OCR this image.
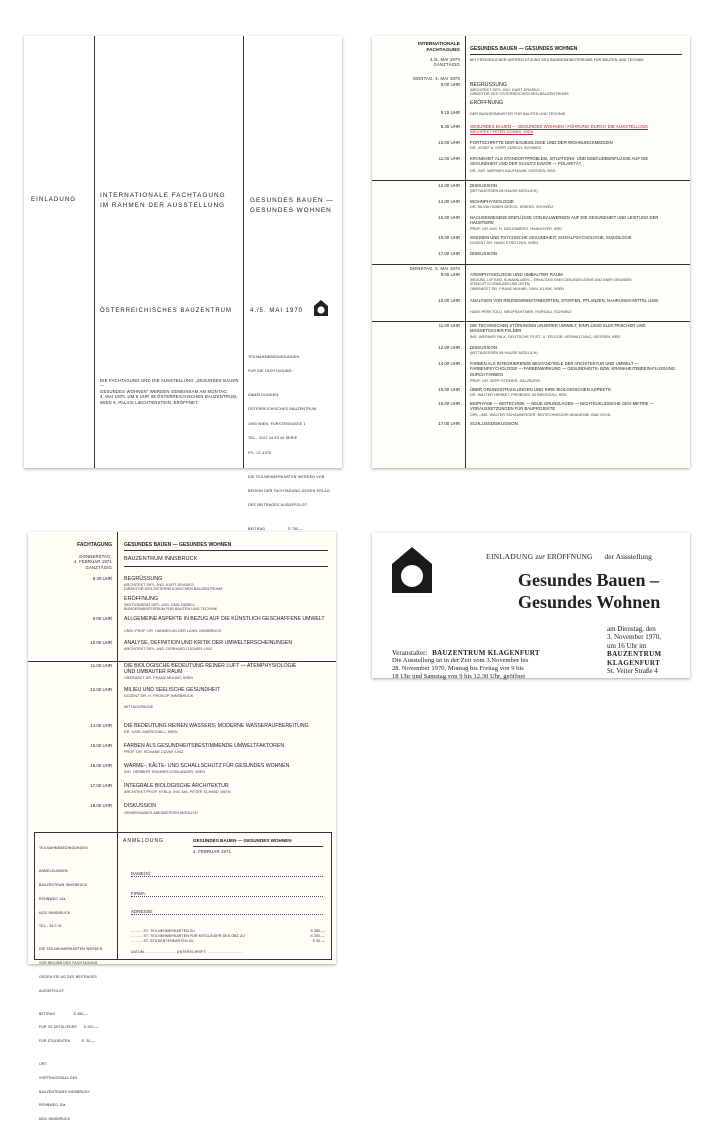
EINLADUNG
INTERNATIONALE FACHTAGUNG
IM RAHMEN DER AUSSTELLUNG
GESUNDES BAUEN —
GESUNDES WOHNEN
ÖSTERREICHISCHES BAUZENTRUM	4./5. MAI 1970
DIE FACHTAGUNG UND DIE AUSSTELLUNG „GESUNDES BAUEN —
GESUNDES WOHNEN" WERDEN GEMEINSAM AM MONTAG,
4. MAI 1970, UM 9 UHR IM ÖSTERREICHISCHEN BAUZENTRUM,
WIEN 9, PALAIS LIECHTENSTEIN, ERÖFFNET.

TEILNAHMEBEDINGUNGEN

FÜR DIE FACHTAGUNG:

ANMELDUNGEN:

ÖSTERREICHISCHES BAUZENTRUM

1090 WIEN, FÜRSTENGASSE 1

TEL.: 0222 34 83 44 SERIE

FS.: 07-4376

DIE TEILNEHMERKARTEN WERDEN VOR

BEGINN DER FACHTAGUNG GEGEN ERLAG

DES BEITRAGES AUSGEFOLGT.

BEITRAG                   S 750,—

INTERNATIONALE
FACHTAGUNG GESUNDES BAUEN — GESUNDES WOHNEN
4./5. MAI 1970
GANZTÄGIG
MIT FREUNDLICHER UNTERSTÜTZUNG DES BUNDESMINISTERIUMS FÜR BAUTEN UND TECHNIK
MONTAG, 4. MAI 1970
9.00 UHR BEGRÜSSUNG
ARCHITEKT DIPL.-ING. KURT JIRASKO
DIREKTOR DES ÖSTERREICHISCHEN BAUZENTRUMS
ERÖFFNUNG
9.15 UHR	DER BUNDESMINISTER FÜR BAUTEN UND TECHNIK
9.30 UHR GESUNDES BAUEN — GESUNDES WOHNEN / FÜHRUNG DURCH DIE AUSSTELLUNG
ARCHITEKT PETER SCHMID, WIEN
10.00 UHR FORTSCHRITTE DER BAUBIOLOGIE UND DER WOHNUNGSMEDIZIN
DR. JOSEF A. KÖPP, ZÜRICH, SCHWEIZ
11.00 UHR KRANKHEIT ALS STANDORTPROBLEM, SITUATIONS- UND GEBÄUDEEINFLÜSSE AUF DIE GESUNDHEIT UND DER SCHUTZ DAVOR — POLARITÄT
DR. JUR. WERNER KAUFMANN, GIESSEN, BRD
12.00 UHR DISKUSSION
(MITTAGESSEN IM HAUSE MÖGLICH)
14.00 UHR WOHNPHYSIOLOGIE
DR. SILVIA HUBER-DEECK, KRIENS, SCHWEIZ
15.00 UHR NACHGEWIESENE EINFLÜSSE VON BAUWERKEN AUF DIE GESUNDHEIT UND LEISTUNG DER HAUSTIERE
PROF. DR.-ING. H. DIELENBERG, HANNOVER, BRD
16.00 UHR WOHNEN UND PSYCHISCHE GESUNDHEIT, SOZIALPSYCHOLOGIE, SOZIOLOGIE
DOZENT DR. HANS STROTZKA, WIEN
17.00 UHR DISKUSSION
DIENSTAG, 5. MAI 1970
9.00 UHR ATEMPHYSIOLOGIE UND UMBAUTER RAUM
(HEIZUNG, LÜFTUNG, KLIMAANLAGEN — ERHALTUNG EINES GESUNDEN ATEMS UND EINER GESUNDEN
ATEMLUFT IN GEBÄUDEN UND ORTEN)
OBERARZT DR. FRANZ MUHAR, UNIV.-KLINIK, WIEN
10.00 UHR ANALYSEN VON REIZGEWINNSTANDORTEN, STOFFEN, PFLANZEN, NAHRUNGS-MITTEL USW.
HANS PERKTOLD, NEUFRAHTMER, HORGAU, SCHWEIZ
11.00 UHR DIE TECHNISCHEN STÖRUNGEN UNSERER UMWELT, EINFLÜSSE ELEKTRISCHER UND MAGNETISCHER FELDER
ING. WERNER FALK, DEUTSCHE POST- U. TELEGR.-VERWALTUNG, GIESSEN, BRD
12.00 UHR DISKUSSION
(MITTAGESSEN IM HAUSE MÖGLICH)
14.00 UHR FARBEN ALS INTEGRIERENDE BESTANDTEILE DER ARCHITEKTUR UND UMWELT — FARBENPSYCHOLOGIE — FARBENWIRKUNG — GESUNDHEITS- BZW. KRANKHEITSBEEIN-FLUSSUNG DURCH FARBEN
PROF. DR. SEPP STEINER, SALZBURG
15.00 UHR ÜBER GRUNDSTRAHLUNGEN UND IHRE BIOLOGISCHEN ASPEKTE
DR. WALTER HERBST, FREIBURG IM BREISGAU, BRD
16.00 UHR BIOPHYSIK — BIOTECHNIK — NEUE GRUNDLAGEN — NICHTEUKLIDISCHE GEO-METRIE — VORAUSSETZUNGEN FÜR BAUPROJEKTE
DIPL.-ING. WALTER SCHAUBERGER, BIOTECHNISCHE AKADEMIE, BAD ISCHL
17.00 UHR SCHLUSSDISKUSSION
FACHTAGUNG GESUNDES BAUEN — GESUNDES WOHNEN
DONNERSTAG,
4. FEBRUAR 1971
GANZTÄGIG
BAUZENTRUM INNSBRUCK
8.30 UHR BEGRÜSSUNG
ARCHITEKT DIPL.-ING. KURT JIRASKO
DIREKTOR DES ÖSTERREICHISCHEN BAUZENTRUMS
ERÖFFNUNG
SEKTIONSRAT DIPL.-ING. EMIL DÜBELL
BUNDESMINISTERIUM FÜR BAUTEN UND TECHNIK
9.00 UHR ALLGEMEINE ASPEKTE IN BEZUG AUF DIE KÜNSTLICH GESCHAFFENE UMWELT
UNIV.-PROF. DR. HANNES AN DER LAHN, INNSBRUCK
10.00 UHR ANALYSE, DEFINITION UND KRITIK DER UMWELTERSCHEINUNGEN
ARCHITEKT DIPL.-ING. GERHARD LUGNER, LINZ
11.00 UHR DIE BIOLOGISCHE BEDEUTUNG REINER LUFT — ATEMPHYSIOLOGIE UND UMBAUTER RAUM
OBERARZT DR. FRANZ MUHAR, WIEN
12.00 UHR MILIEU UND SEELISCHE GESUNDHEIT
DOZENT DR. H. PROKOP, INNSBRUCK
MITTAGSPAUSE
14.00 UHR DIE BEDEUTUNG REINEN WASSERS, MODERNE WASSERAUFBEREITUNG
DR. KARL MARSCHALL, WIEN
15.00 UHR FARBEN ALS GESUNDHEITSBESTIMMENDE UMWELTFAKTOREN
PROF. DR. ROXANE CUVAY, LINZ
16.00 UHR WÄRME-, KÄLTE- UND SCHALLSCHUTZ FÜR GESUNDES WOHNEN
ING. HERBERT KRAMER-DOBLANDER, WIEN
17.00 UHR INTEGRALE BIOLOGISCHE ARCHITEKTUR
ARCHITEKT PROF. HTBLA. ING. MA. PETER SCHMID, WIEN
18.00 UHR DISKUSSION
GEMEINSAMES ABENDESSEN MÖGLICH

TEILNAHMEBEDINGUNGEN:

ANMELDUNGEN:

BAUZENTRUM INNSBRUCK

RENNWEG 10a

6020 INNSBRUCK

TEL.: 26 0 31

DIE TEILNEHMERKARTEN WERDEN

VOR BEGINN DER FACHTAGUNG

GEGEN ERLAG DES BEITRAGES

AUSGEFOLGT.

BEITRAG                S 380,—

FÜR ÖZ-MITGLIEDER      S 200,—

FÜR STUDENTEN          S  30,—

ORT:

VORTRAGSSAAL DES

BAUZENTRUMS INNSBRUCK

RENNWEG 10a

6020 INNSBRUCK

ANMELDUNG	GESUNDES BAUEN — GESUNDES WOHNEN
4. FEBRUAR 1971
NAME(N):
FIRMA:
ADRESSE:
.......... ST. TEILNEHMERKARTEN ZU	S 380,—
.......... ST. TEILNEHMERKARTEN FÜR MITGLIEDER DES ÖBZ ZU	S 200,—
.......... ST. STUDENTENKARTEN ZU	S 30,—
DATUM: .......................... UNTERSCHRIFT: ..............................
EINLADUNG zur ERÖFFNUNG der Ausstellung
Gesundes Bauen –
Gesundes Wohnen
am Dienstag, den
3. November 1970,
um 16 Uhr im
BAUZENTRUM
KLAGENFURT
St. Veiter Straße 4
Veranstalter: BAUZENTRUM KLAGENFURT
Die Ausstellung ist in der Zeit vom 3.November bis
28. November 1970, Montag bis Freitag von 9 bis
18 Uhr und Samstag von 9 his 12.30 Uhr, geöffnet
